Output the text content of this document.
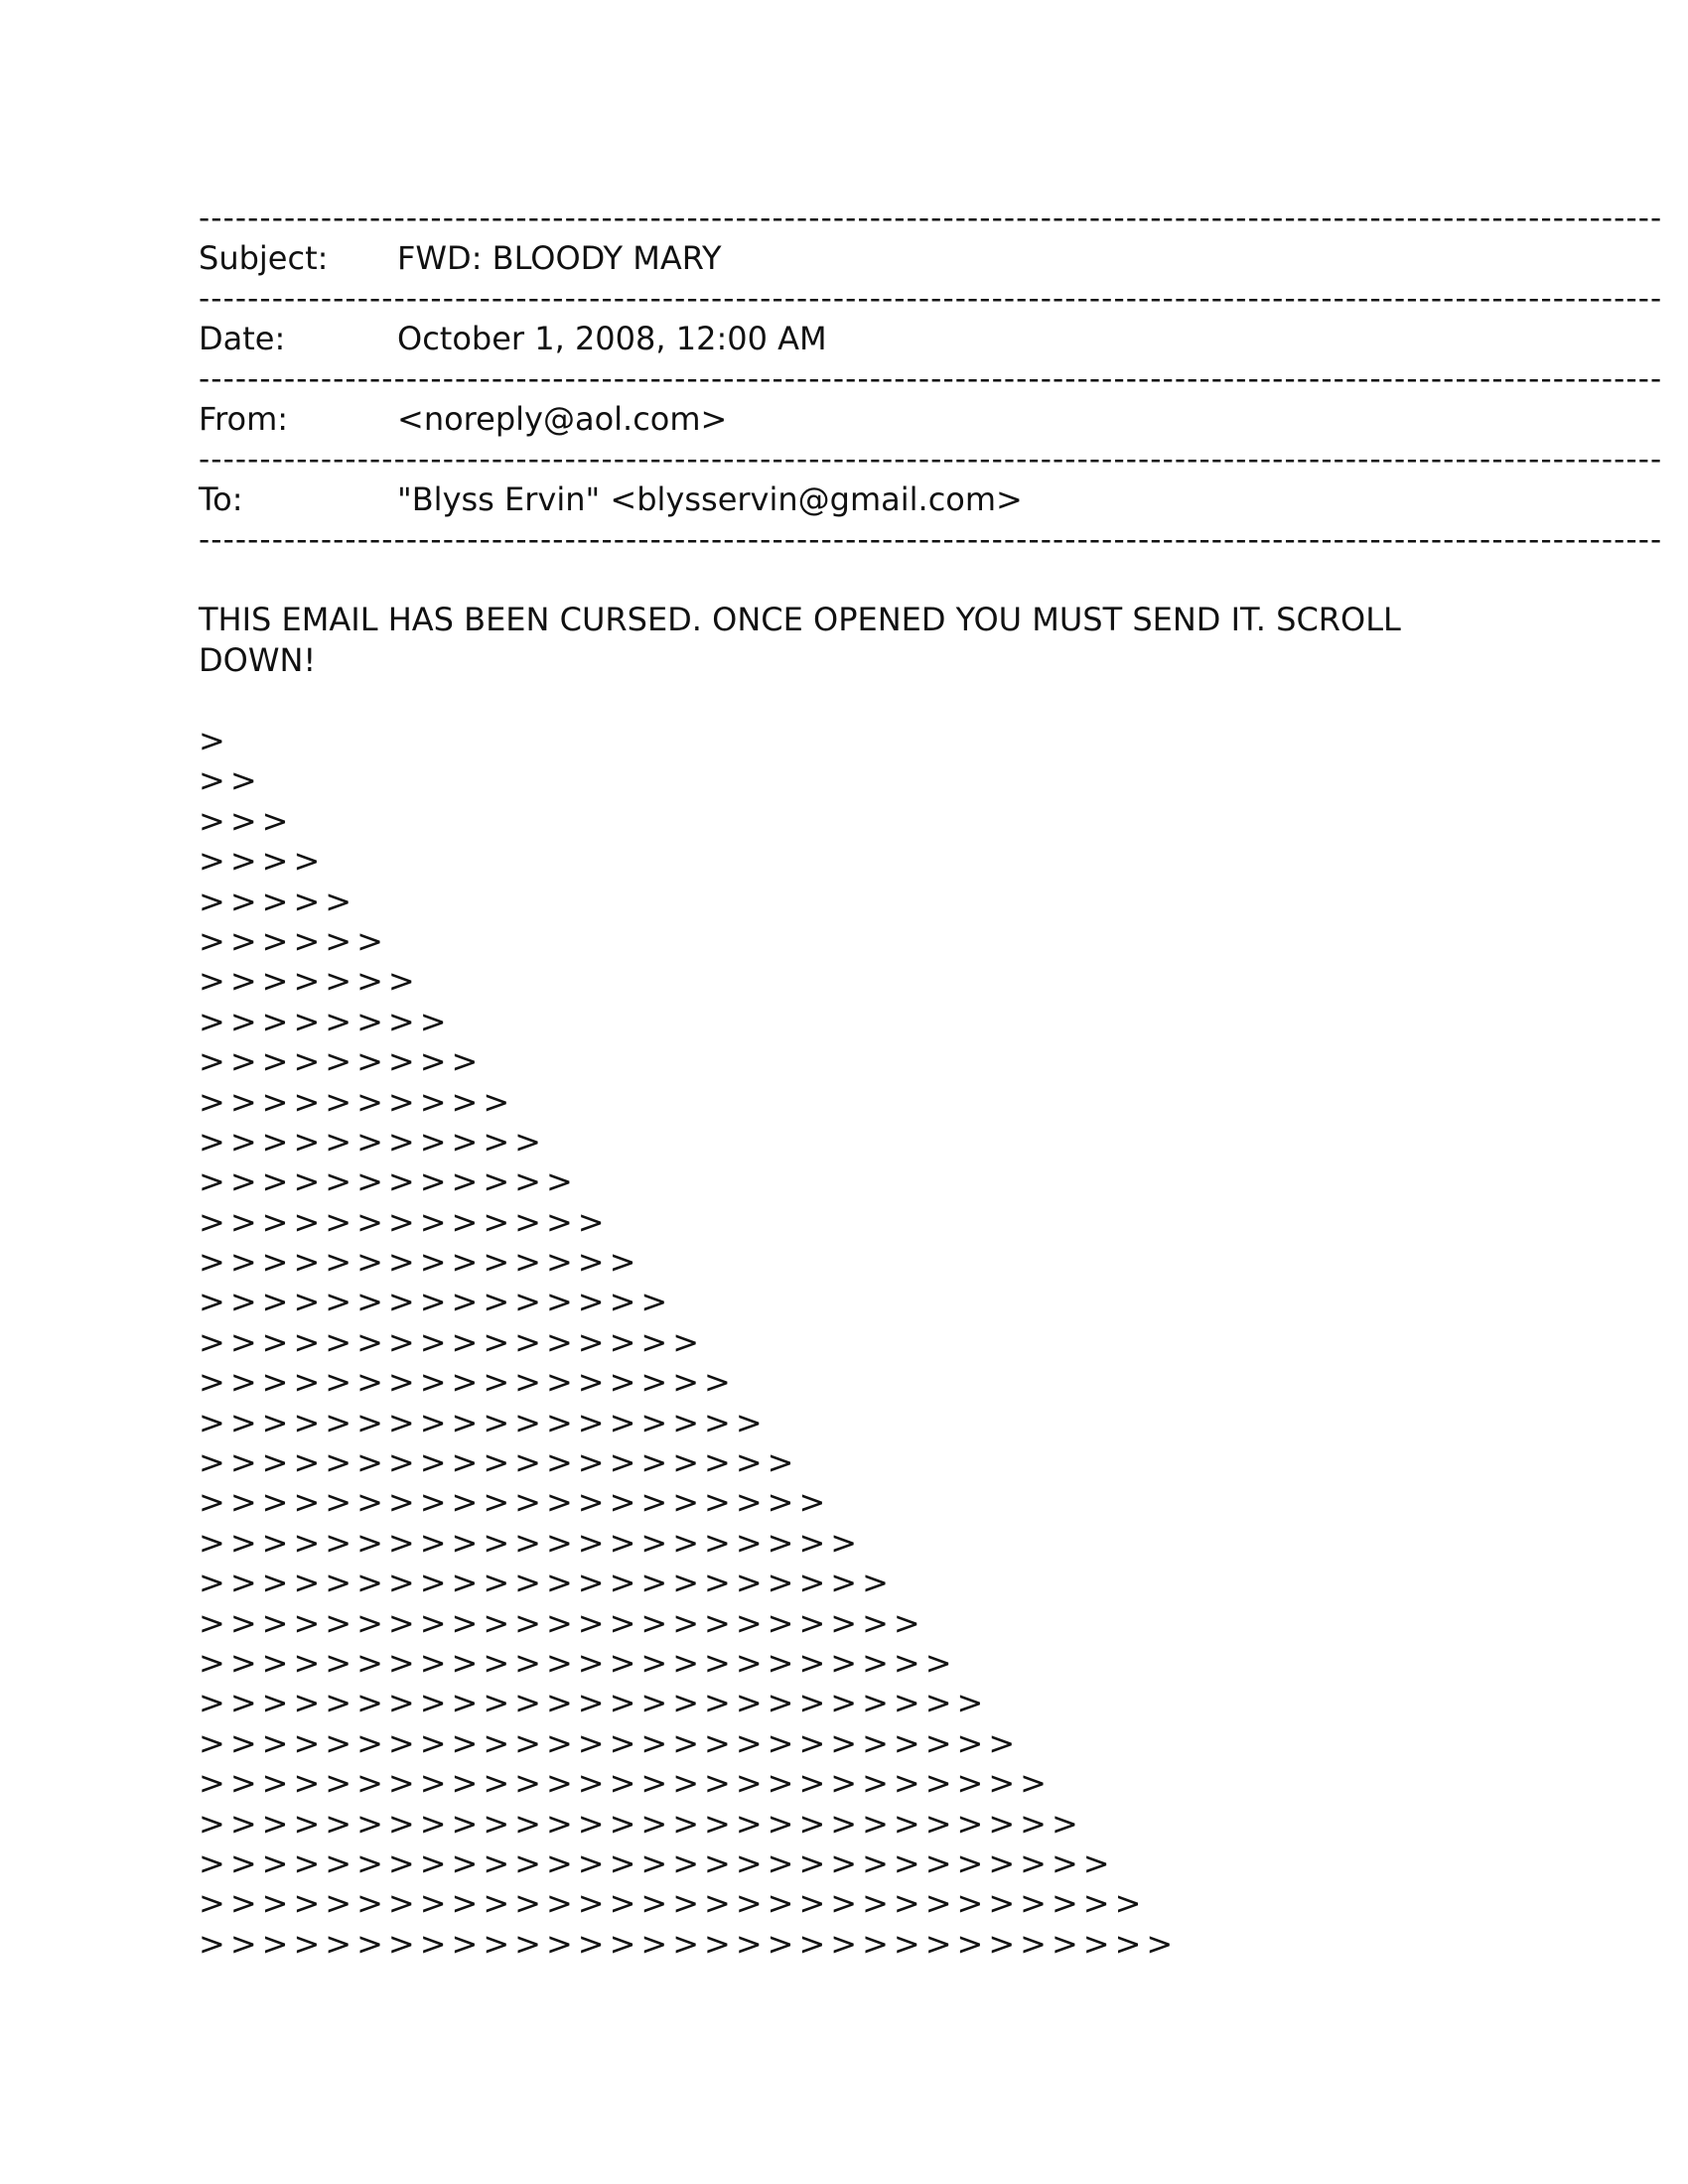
------------------------------------------------------------------------------------------------------------------------
Subject:	FWD: BLOODY MARY
------------------------------------------------------------------------------------------------------------------------
Date:	October 1, 2008, 12:00 AM
------------------------------------------------------------------------------------------------------------------------
From:	<noreply@aol.com>
------------------------------------------------------------------------------------------------------------------------
To:	"Blyss Ervin" <blysservin@gmail.com>
------------------------------------------------------------------------------------------------------------------------
THIS EMAIL HAS BEEN CURSED. ONCE OPENED YOU MUST SEND IT. SCROLL DOWN!
>
>>
>>>
>>>>
>>>>>
>>>>>>
>>>>>>>
>>>>>>>>
>>>>>>>>>
>>>>>>>>>>
>>>>>>>>>>>
>>>>>>>>>>>>
>>>>>>>>>>>>>
>>>>>>>>>>>>>>
>>>>>>>>>>>>>>>
>>>>>>>>>>>>>>>>
>>>>>>>>>>>>>>>>>
>>>>>>>>>>>>>>>>>>
>>>>>>>>>>>>>>>>>>>
>>>>>>>>>>>>>>>>>>>>
>>>>>>>>>>>>>>>>>>>>>
>>>>>>>>>>>>>>>>>>>>>>
>>>>>>>>>>>>>>>>>>>>>>>
>>>>>>>>>>>>>>>>>>>>>>>>
>>>>>>>>>>>>>>>>>>>>>>>>>
>>>>>>>>>>>>>>>>>>>>>>>>>>
>>>>>>>>>>>>>>>>>>>>>>>>>>>
>>>>>>>>>>>>>>>>>>>>>>>>>>>>
>>>>>>>>>>>>>>>>>>>>>>>>>>>>>
>>>>>>>>>>>>>>>>>>>>>>>>>>>>>>
>>>>>>>>>>>>>>>>>>>>>>>>>>>>>>>
